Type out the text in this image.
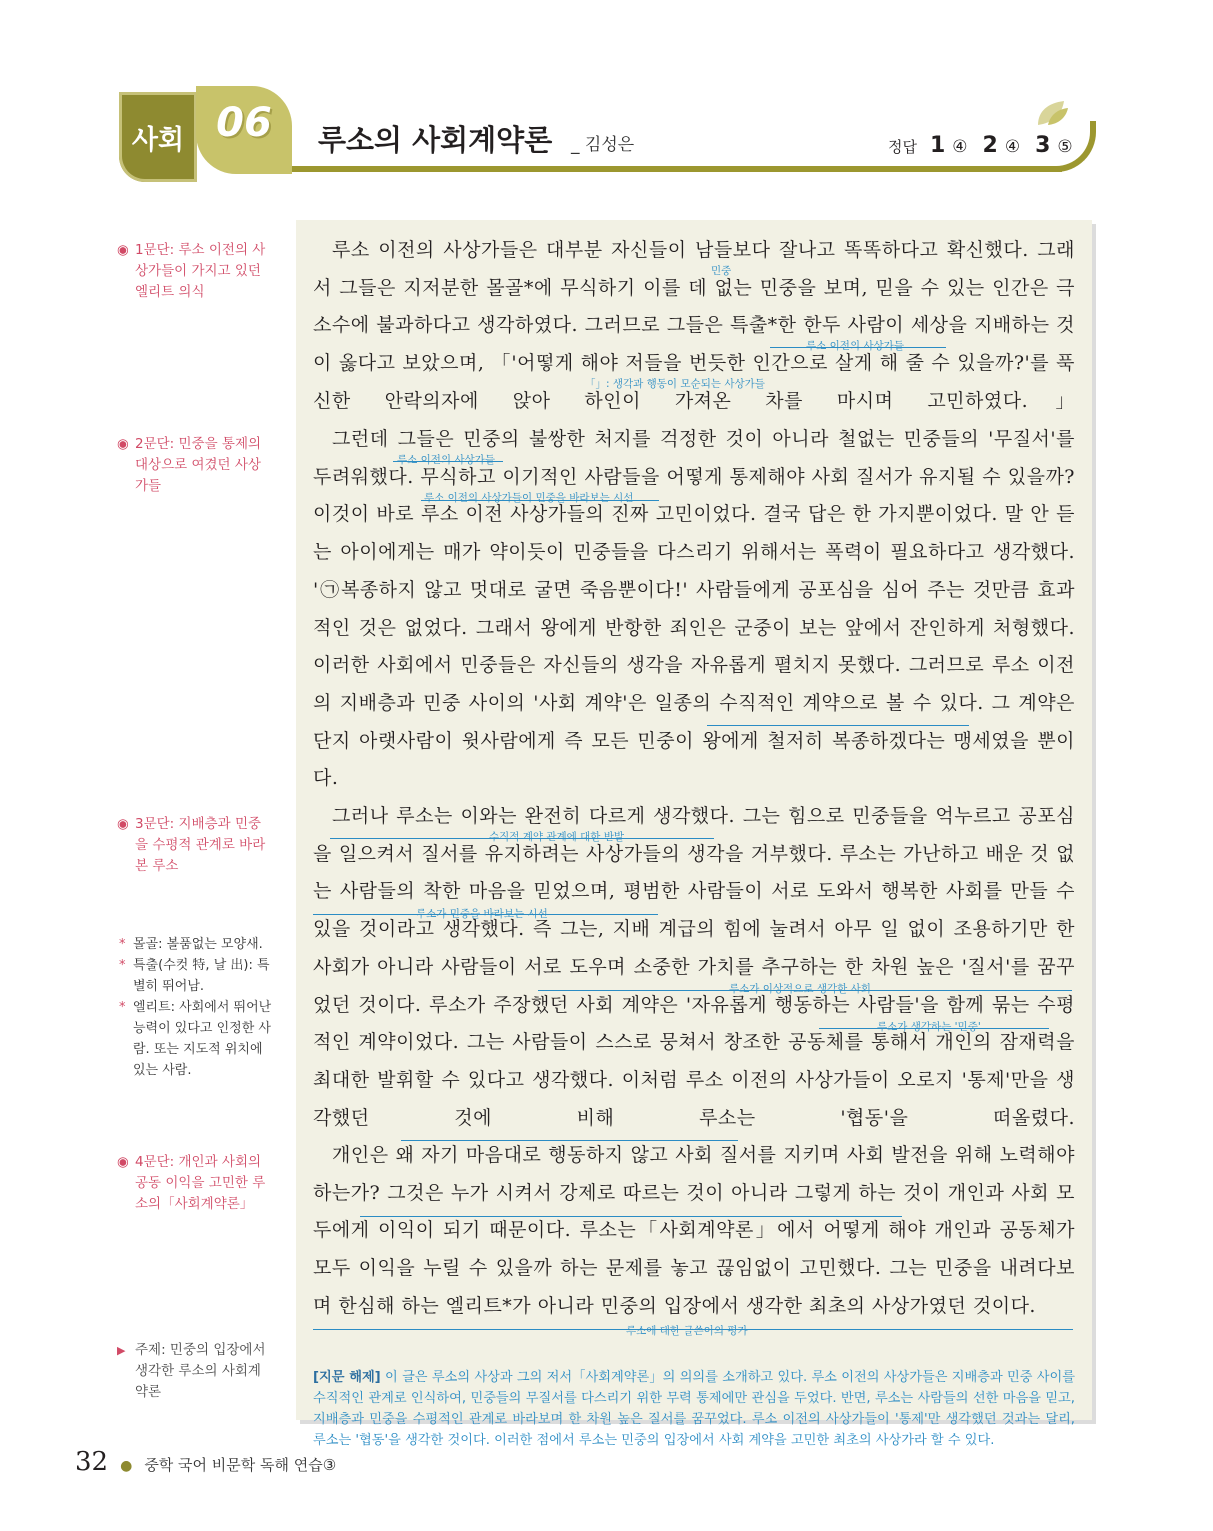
사회 06	루소의 사회계약론 _ 김성은	정답 1 ④ 2 ④ 3 ⑤
◉ 1문단: 루소 이전의 사상가들이 가지고 있던 엘리트 의식
◉ 2문단: 민중을 통제의 대상으로 여겼던 사상가들
◉ 3문단: 지배층과 민중을 수평적 관계로 바라본 루소
* 몰골: 볼품없는 모양새.
* 특출(수컷 特, 날 出): 특별히 뛰어남.
* 엘리트: 사회에서 뛰어난 능력이 있다고 인정한 사람. 또는 지도적 위치에 있는 사람.
◉ 4문단: 개인과 사회의 공동 이익을 고민한 루소의「사회계약론」
▶ 주제: 민중의 입장에서 생각한 루소의 사회계약론
루소 이전의 사상가들은 대부분 자신들이 남들보다 잘나고 똑똑하다고 확신했다. 그래서 그들은 지저분한 몰골*에 무식하기 이를 데 없는 민중을 보며, 믿을 수 있는 인간은 극소수에 불과하다고 생각하였다. 그러므로 그들은 특출*한 한두 사람이 세상을 지배하는 것이 옳다고 보았으며, 「'어떻게 해야 저들을 번듯한 인간으로 살게 해 줄 수 있을까?'를 푹신한 안락의자에 앉아 하인이 가져온 차를 마시며 고민하였다.」
그런데 그들은 민중의 불쌍한 처지를 걱정한 것이 아니라 철없는 민중들의 '무질서'를 두려워했다. 무식하고 이기적인 사람들을 어떻게 통제해야 사회 질서가 유지될 수 있을까? 이것이 바로 루소 이전 사상가들의 진짜 고민이었다. 결국 답은 한 가지뿐이었다. 말 안 듣는 아이에게는 매가 약이듯이 민중들을 다스리기 위해서는 폭력이 필요하다고 생각했다. '㉠복종하지 않고 멋대로 굴면 죽음뿐이다!' 사람들에게 공포심을 심어 주는 것만큼 효과적인 것은 없었다. 그래서 왕에게 반항한 죄인은 군중이 보는 앞에서 잔인하게 처형했다. 이러한 사회에서 민중들은 자신들의 생각을 자유롭게 펼치지 못했다. 그러므로 루소 이전의 지배층과 민중 사이의 '사회 계약'은 일종의 수직적인 계약으로 볼 수 있다. 그 계약은 단지 아랫사람이 윗사람에게 즉 모든 민중이 왕에게 철저히 복종하겠다는 맹세였을 뿐이다.
그러나 루소는 이와는 완전히 다르게 생각했다. 그는 힘으로 민중들을 억누르고 공포심을 일으켜서 질서를 유지하려는 사상가들의 생각을 거부했다. 루소는 가난하고 배운 것 없는 사람들의 착한 마음을 믿었으며, 평범한 사람들이 서로 도와서 행복한 사회를 만들 수 있을 것이라고 생각했다. 즉 그는, 지배 계급의 힘에 눌려서 아무 일 없이 조용하기만 한 사회가 아니라 사람들이 서로 도우며 소중한 가치를 추구하는 한 차원 높은 '질서'를 꿈꾸었던 것이다. 루소가 주장했던 사회 계약은 '자유롭게 행동하는 사람들'을 함께 묶는 수평적인 계약이었다. 그는 사람들이 스스로 뭉쳐서 창조한 공동체를 통해서 개인의 잠재력을 최대한 발휘할 수 있다고 생각했다. 이처럼 루소 이전의 사상가들이 오로지 '통제'만을 생각했던 것에 비해 루소는 '협동'을 떠올렸다.
개인은 왜 자기 마음대로 행동하지 않고 사회 질서를 지키며 사회 발전을 위해 노력해야 하는가? 그것은 누가 시켜서 강제로 따르는 것이 아니라 그렇게 하는 것이 개인과 사회 모두에게 이익이 되기 때문이다. 루소는「사회계약론」에서 어떻게 해야 개인과 공동체가 모두 이익을 누릴 수 있을까 하는 문제를 놓고 끊임없이 고민했다. 그는 민중을 내려다보며 한심해 하는 엘리트*가 아니라 민중의 입장에서 생각한 최초의 사상가였던 것이다.
민중
루소 이전의 사상가들
「」: 생각과 행동이 모순되는 사상가들
루소 이전의 사상가들
루소 이전의 사상가들이 민중을 바라보는 시선
수직적 계약 관계에 대한 반발
루소가 민중을 바라보는 시선
루소가 이상적으로 생각한 사회
루소가 생각하는 '민중'
루소에 대한 글쓴이의 평가
[지문 해제] 이 글은 루소의 사상과 그의 저서「사회계약론」의 의의를 소개하고 있다. 루소 이전의 사상가들은 지배층과 민중 사이를 수직적인 관계로 인식하여, 민중들의 무질서를 다스리기 위한 무력 통제에만 관심을 두었다. 반면, 루소는 사람들의 선한 마음을 믿고, 지배층과 민중을 수평적인 관계로 바라보며 한 차원 높은 질서를 꿈꾸었다. 루소 이전의 사상가들이 '통제'만 생각했던 것과는 달리, 루소는 '협동'을 생각한 것이다. 이러한 점에서 루소는 민중의 입장에서 사회 계약을 고민한 최초의 사상가라 할 수 있다.
32 ● 중학 국어 비문학 독해 연습③
